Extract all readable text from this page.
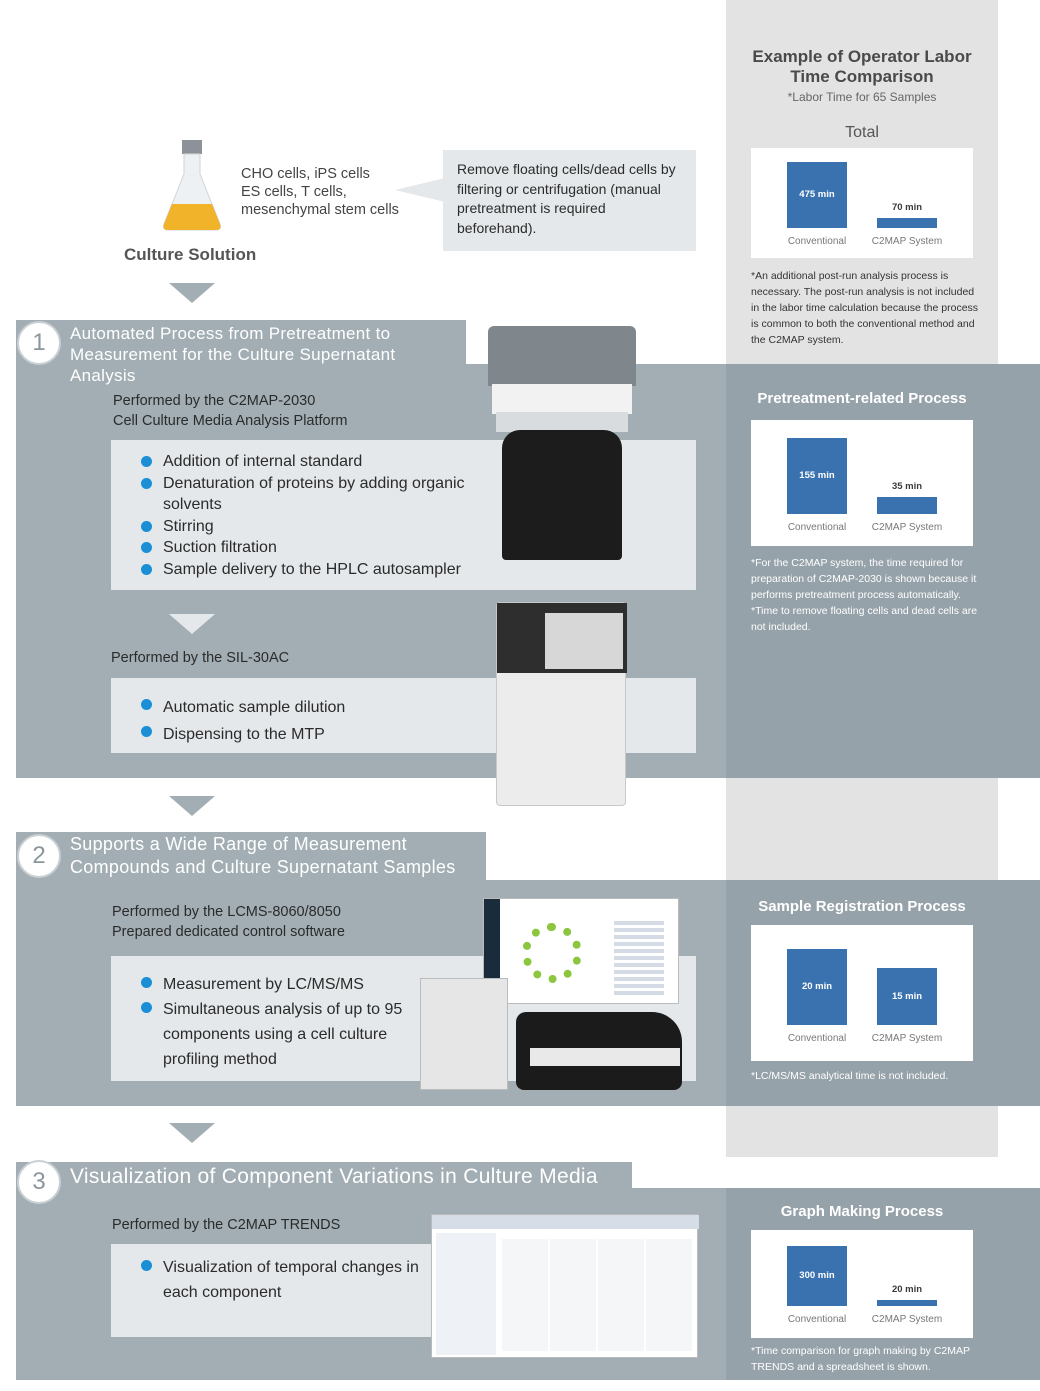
Example of Operator Labor
Time Comparison
*Labor Time for 65 Samples
Total
475 min
Conventional
70 min
C2MAP System
*An additional post-run analysis process is necessary. The post-run analysis is not included in the labor time calculation because the process is common to both the conventional method and the C2MAP system.
Pretreatment-related Process
155 min
Conventional
35 min
C2MAP System
*For the C2MAP system, the time required for preparation of C2MAP-2030 is shown because it performs pretreatment process automatically.
*Time to remove floating cells and dead cells are not included.
Sample Registration Process
20 min
Conventional
15 min
C2MAP System
*LC/MS/MS analytical time is not included.
Graph Making Process
300 min
Conventional
20 min
C2MAP System
*Time comparison for graph making by C2MAP TRENDS and a spreadsheet is shown.
CHO cells, iPS cells
ES cells, T cells,
mesenchymal stem cells
Culture Solution
Remove floating cells/dead cells by filtering or centrifugation (manual pretreatment is required beforehand).
Automated Process from Pretreatment to
Measurement for the Culture Supernatant Analysis
1
Performed by the C2MAP-2030
Cell Culture Media Analysis Platform
Addition of internal standard
Denaturation of proteins by adding organic solvents
Stirring
Suction filtration
Sample delivery to the HPLC autosampler
Performed by the SIL-30AC
Automatic sample dilution
Dispensing to the MTP
Supports a Wide Range of Measurement
Compounds and Culture Supernatant Samples
2
Performed by the LCMS-8060/8050
Prepared dedicated control software
Measurement by LC/MS/MS
Simultaneous analysis of up to 95 components using a cell culture profiling method
Visualization of Component Variations in Culture Media
3
Performed by the C2MAP TRENDS
Visualization of temporal changes in each component
